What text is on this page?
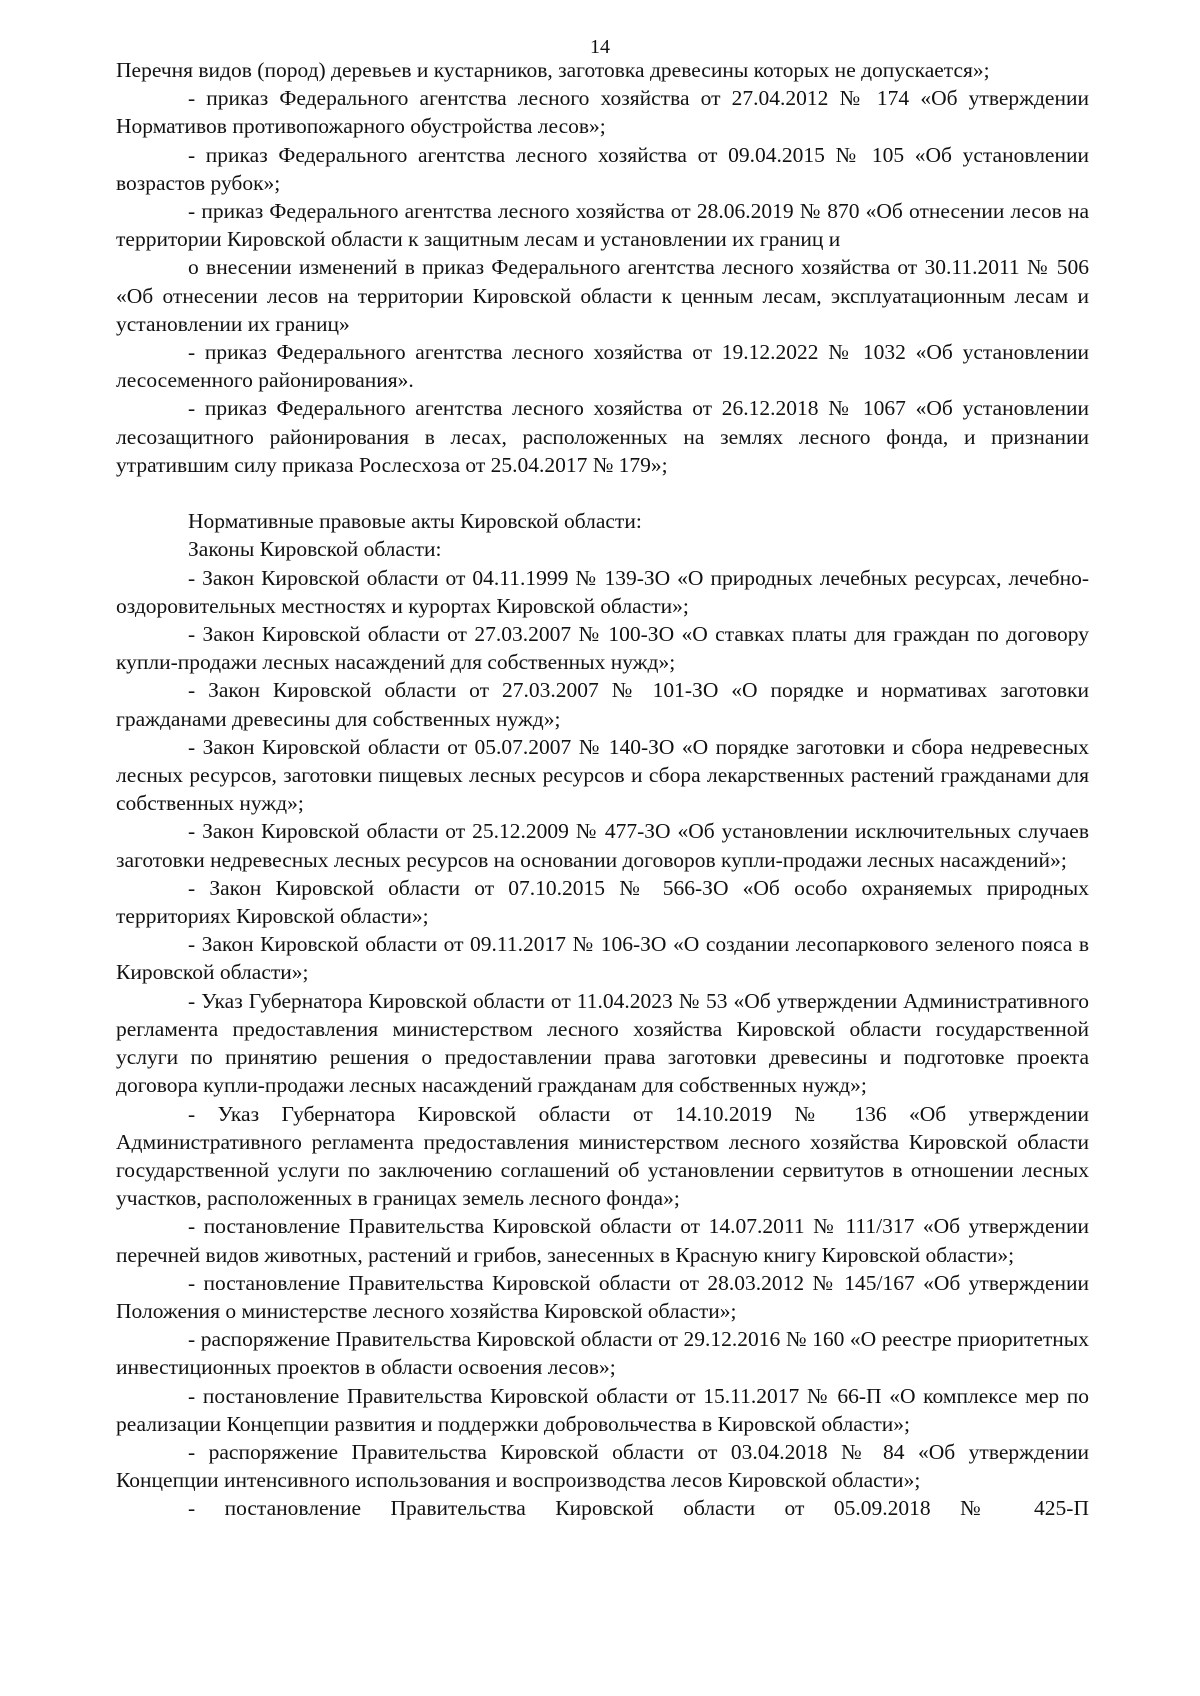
14

Перечня видов (пород) деревьев и кустарников, заготовка древесины которых не допускается»;

- приказ Федерального агентства лесного хозяйства от 27.04.2012 № 174 «Об утверждении Нормативов противопожарного обустройства лесов»;

- приказ Федерального агентства лесного хозяйства от 09.04.2015 № 105 «Об установлении возрастов рубок»;

- приказ Федерального агентства лесного хозяйства от 28.06.2019 № 870 «Об отнесении лесов на территории Кировской области к защитным лесам и установлении их границ и

о внесении изменений в приказ Федерального агентства лесного хозяйства от 30.11.2011 № 506 «Об отнесении лесов на территории Кировской области к ценным лесам, эксплуатационным лесам и установлении их границ»

- приказ Федерального агентства лесного хозяйства от 19.12.2022 № 1032 «Об установлении лесосеменного районирования».

- приказ Федерального агентства лесного хозяйства от 26.12.2018 № 1067 «Об установлении лесозащитного районирования в лесах, расположенных на землях лесного фонда, и признании утратившим силу приказа Рослесхоза от 25.04.2017 № 179»;

Нормативные правовые акты Кировской области:

Законы Кировской области:

- Закон Кировской области от 04.11.1999 № 139-ЗО «О природных лечебных ресурсах, лечебно-оздоровительных местностях и курортах Кировской области»;

- Закон Кировской области от 27.03.2007 № 100-ЗО «О ставках платы для граждан по договору купли-продажи лесных насаждений для собственных нужд»;

- Закон Кировской области от 27.03.2007 № 101-ЗО «О порядке и нормативах заготовки гражданами древесины для собственных нужд»;

- Закон Кировской области от 05.07.2007 № 140-ЗО «О порядке заготовки и сбора недревесных лесных ресурсов, заготовки пищевых лесных ресурсов и сбора лекарственных растений гражданами для собственных нужд»;

- Закон Кировской области от 25.12.2009 № 477-ЗО «Об установлении исключительных случаев заготовки недревесных лесных ресурсов на основании договоров купли-продажи лесных насаждений»;

- Закон Кировской области от 07.10.2015 № 566-ЗО «Об особо охраняемых природных территориях Кировской области»;

- Закон Кировской области от 09.11.2017 № 106-ЗО «О создании лесопаркового зеленого пояса в Кировской области»;

- Указ Губернатора Кировской области от 11.04.2023 № 53 «Об утверждении Административного регламента предоставления министерством лесного хозяйства Кировской области государственной услуги по принятию решения о предоставлении права заготовки древесины и подготовке проекта договора купли-продажи лесных насаждений гражданам для собственных нужд»;

- Указ Губернатора Кировской области от 14.10.2019 № 136 «Об утверждении Административного регламента предоставления министерством лесного хозяйства Кировской области государственной услуги по заключению соглашений об установлении сервитутов в отношении лесных участков, расположенных в границах земель лесного фонда»;

- постановление Правительства Кировской области от 14.07.2011 № 111/317 «Об утверждении перечней видов животных, растений и грибов, занесенных в Красную книгу Кировской области»;

- постановление Правительства Кировской области от 28.03.2012 № 145/167 «Об утверждении Положения о министерстве лесного хозяйства Кировской области»;

- распоряжение Правительства Кировской области от 29.12.2016 № 160 «О реестре приоритетных инвестиционных проектов в области освоения лесов»;

- постановление Правительства Кировской области от 15.11.2017 № 66-П «О комплексе мер по реализации Концепции развития и поддержки добровольчества в Кировской области»;

- распоряжение Правительства Кировской области от 03.04.2018 № 84 «Об утверждении Концепции интенсивного использования и воспроизводства лесов Кировской области»;

- постановление Правительства Кировской области от 05.09.2018 № 425-П
